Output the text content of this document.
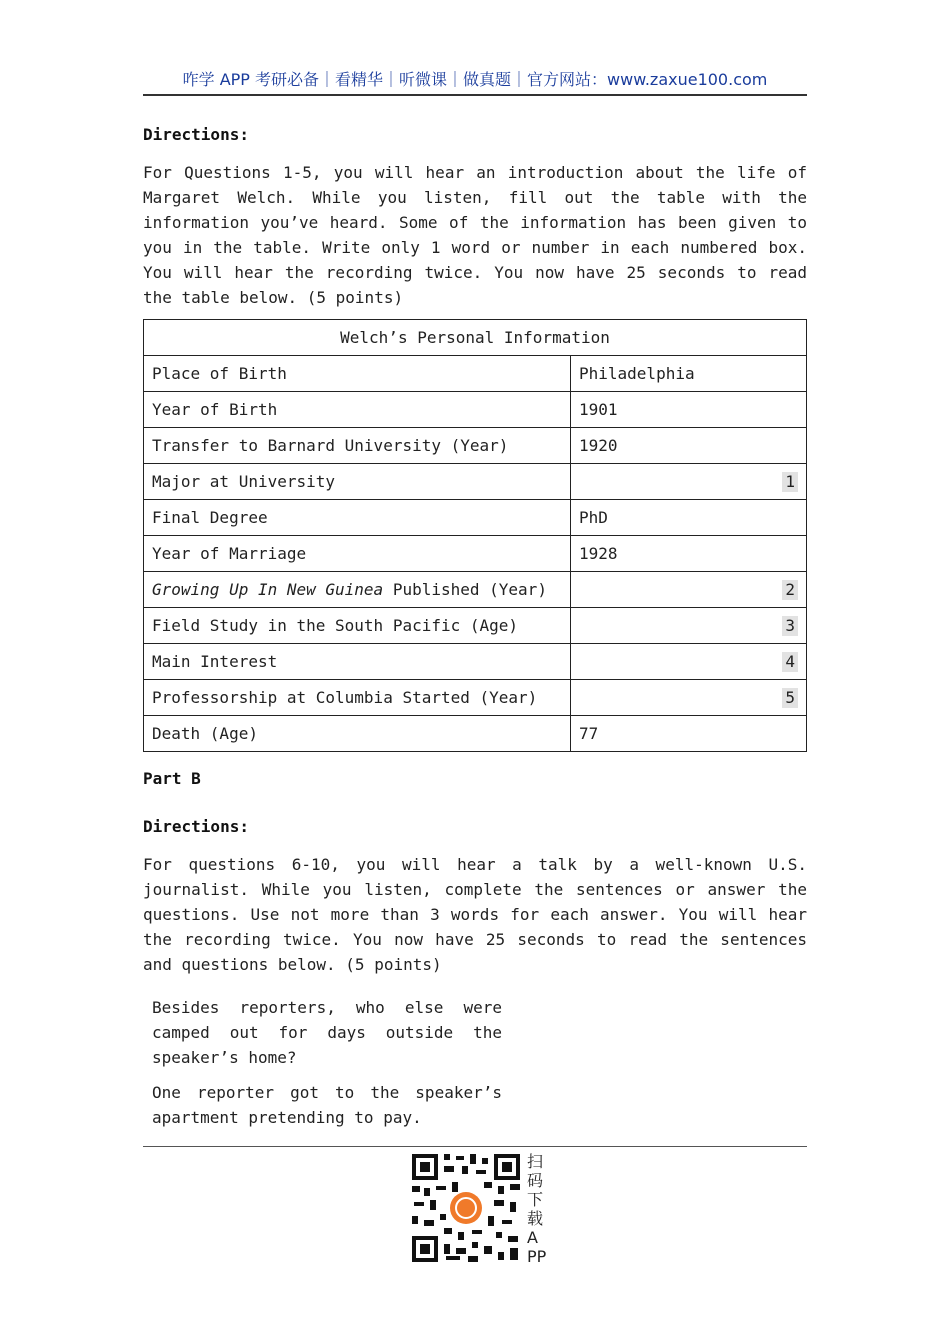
咋学 APP 考研必备｜看精华｜听微课｜做真题｜官方网站：www.zaxue100.com
Directions:

For Questions 1-5, you will hear an introduction about the life of Margaret Welch. While you listen, fill out the table with the information you’ve heard. Some of the information has been given to you in the table. Write only 1 word or number in each numbered box. You will hear the recording twice. You now have 25 seconds to read the table below. (5 points)

Welch’s Personal Information	
Place of Birth	Philadelphia
Year of Birth	1901
Transfer to Barnard University (Year)	1920
Major at University	1

Final Degree	PhD
Year of Marriage	1928
Growing Up In New Guinea Published (Year)	2

Field Study in the South Pacific (Age)	3

Main Interest	4

Professorship at Columbia Started (Year)	5

Death (Age)	77
Part B
Directions:

For questions 6-10, you will hear a talk by a well-known U.S. journalist. While you listen, complete the sentences or answer the questions. Use not more than 3 words for each answer. You will hear the recording twice. You now have 25 seconds to read the sentences and questions below. (5 points)

Besides reporters, who else were camped out for days outside the speaker’s home?

One reporter got to the speaker’s apartment pretending to pay.

扫码下载APP
